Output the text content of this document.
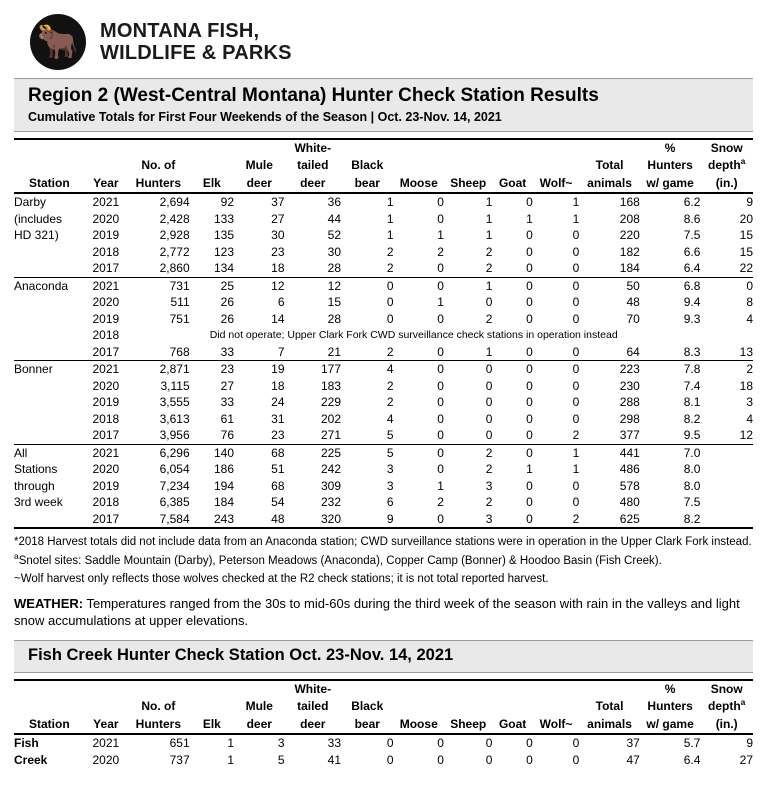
🐂 MONTANA FISH,
WILDLIFE & PARKS
Region 2 (West-Central Montana) Hunter Check Station Results
Cumulative Totals for First Four Weekends of the Season | Oct. 23-Nov. 14, 2021
					White-							%	Snow
		No. of		Mule	tailed	Black					Total	Hunters	depth$^a$
Station	Year	Hunters	Elk	deer	deer	bear	Moose	Sheep	Goat	Wolf~	animals	w/ game	(in.)
Darby	2021	2,694	92	37	36	1	0	1	0	1	168	6.2	9
(includes	2020	2,428	133	27	44	1	0	1	1	1	208	8.6	20
HD 321)	2019	2,928	135	30	52	1	1	1	0	0	220	7.5	15
	2018	2,772	123	23	30	2	2	2	0	0	182	6.6	15
	2017	2,860	134	18	28	2	0	2	0	0	184	6.4	22
Anaconda	2021	731	25	12	12	0	0	1	0	0	50	6.8	0
	2020	511	26	6	15	0	1	0	0	0	48	9.4	8
	2019	751	26	14	28	0	0	2	0	0	70	9.3	4
	2018	Did not operate; Upper Clark Fork CWD surveillance check stations in operation instead											
	2017	768	33	7	21	2	0	1	0	0	64	8.3	13
Bonner	2021	2,871	23	19	177	4	0	0	0	0	223	7.8	2
	2020	3,115	27	18	183	2	0	0	0	0	230	7.4	18
	2019	3,555	33	24	229	2	0	0	0	0	288	8.1	3
	2018	3,613	61	31	202	4	0	0	0	0	298	8.2	4
	2017	3,956	76	23	271	5	0	0	0	2	377	9.5	12
All	2021	6,296	140	68	225	5	0	2	0	1	441	7.0	
Stations	2020	6,054	186	51	242	3	0	2	1	1	486	8.0	
through	2019	7,234	194	68	309	3	1	3	0	0	578	8.0	
3rd week	2018	6,385	184	54	232	6	2	2	0	0	480	7.5	
	2017	7,584	243	48	320	9	0	3	0	2	625	8.2	

*2018 Harvest totals did not include data from an Anaconda station; CWD surveillance stations were in operation in the Upper Clark Fork instead.

$^a$Snotel sites: Saddle Mountain (Darby), Peterson Meadows (Anaconda), Copper Camp (Bonner) & Hoodoo Basin (Fish Creek).

~Wolf harvest only reflects those wolves checked at the R2 check stations; it is not total reported harvest.

WEATHER: Temperatures ranged from the 30s to mid-60s during the third week of the season with rain in the valleys and light snow accumulations at upper elevations.
Fish Creek Hunter Check Station Oct. 23-Nov. 14, 2021
					White-							%	Snow
		No. of		Mule	tailed	Black					Total	Hunters	depth$^a$
Station	Year	Hunters	Elk	deer	deer	bear	Moose	Sheep	Goat	Wolf~	animals	w/ game	(in.)
Fish	2021	651	1	3	33	0	0	0	0	0	37	5.7	9
Creek	2020	737	1	5	41	0	0	0	0	0	47	6.4	27
